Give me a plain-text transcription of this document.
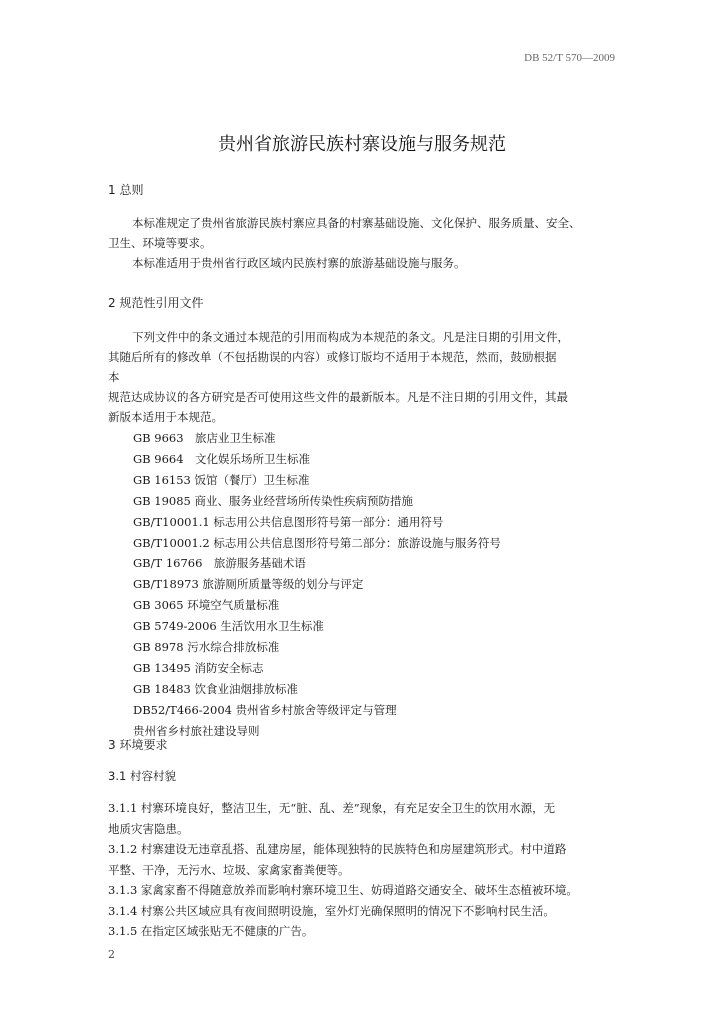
DB 52/T 570—2009
贵州省旅游民族村寨设施与服务规范
1 总则
本标准规定了贵州省旅游民族村寨应具备的村寨基础设施、文化保护、服务质量、安全、
卫生、环境等要求。
本标准适用于贵州省行政区域内民族村寨的旅游基础设施与服务。
2 规范性引用文件
下列文件中的条文通过本规范的引用而构成为本规范的条文。凡是注日期的引用文件，
其随后所有的修改单（不包括勘误的内容）或修订版均不适用于本规范，然而，鼓励根据
本
规范达成协议的各方研究是否可使用这些文件的最新版本。凡是不注日期的引用文件，其最
新版本适用于本规范。
GB 9663　旅店业卫生标准
GB 9664　文化娱乐场所卫生标准
GB 16153 饭馆（餐厅）卫生标准
GB 19085 商业、服务业经营场所传染性疾病预防措施
GB/T10001.1 标志用公共信息图形符号第一部分：通用符号
GB/T10001.2 标志用公共信息图形符号第二部分：旅游设施与服务符号
GB/T 16766　旅游服务基础术语
GB/T18973 旅游厕所质量等级的划分与评定
GB 3065 环境空气质量标准
GB 5749-2006 生活饮用水卫生标准
GB 8978 污水综合排放标准
GB 13495 消防安全标志
GB 18483 饮食业油烟排放标准
DB52/T466-2004 贵州省乡村旅舍等级评定与管理
贵州省乡村旅社建设导则
3 环境要求
3.1 村容村貌
3.1.1 村寨环境良好，整洁卫生，无“脏、乱、差”现象，有充足安全卫生的饮用水源，无
地质灾害隐患。
3.1.2 村寨建设无违章乱搭、乱建房屋，能体现独特的民族特色和房屋建筑形式。村中道路
平整、干净，无污水、垃圾、家禽家畜粪便等。
3.1.3 家禽家畜不得随意放养而影响村寨环境卫生、妨碍道路交通安全、破坏生态植被环境。
3.1.4 村寨公共区域应具有夜间照明设施，室外灯光确保照明的情况下不影响村民生活。
3.1.5 在指定区域张贴无不健康的广告。
2
